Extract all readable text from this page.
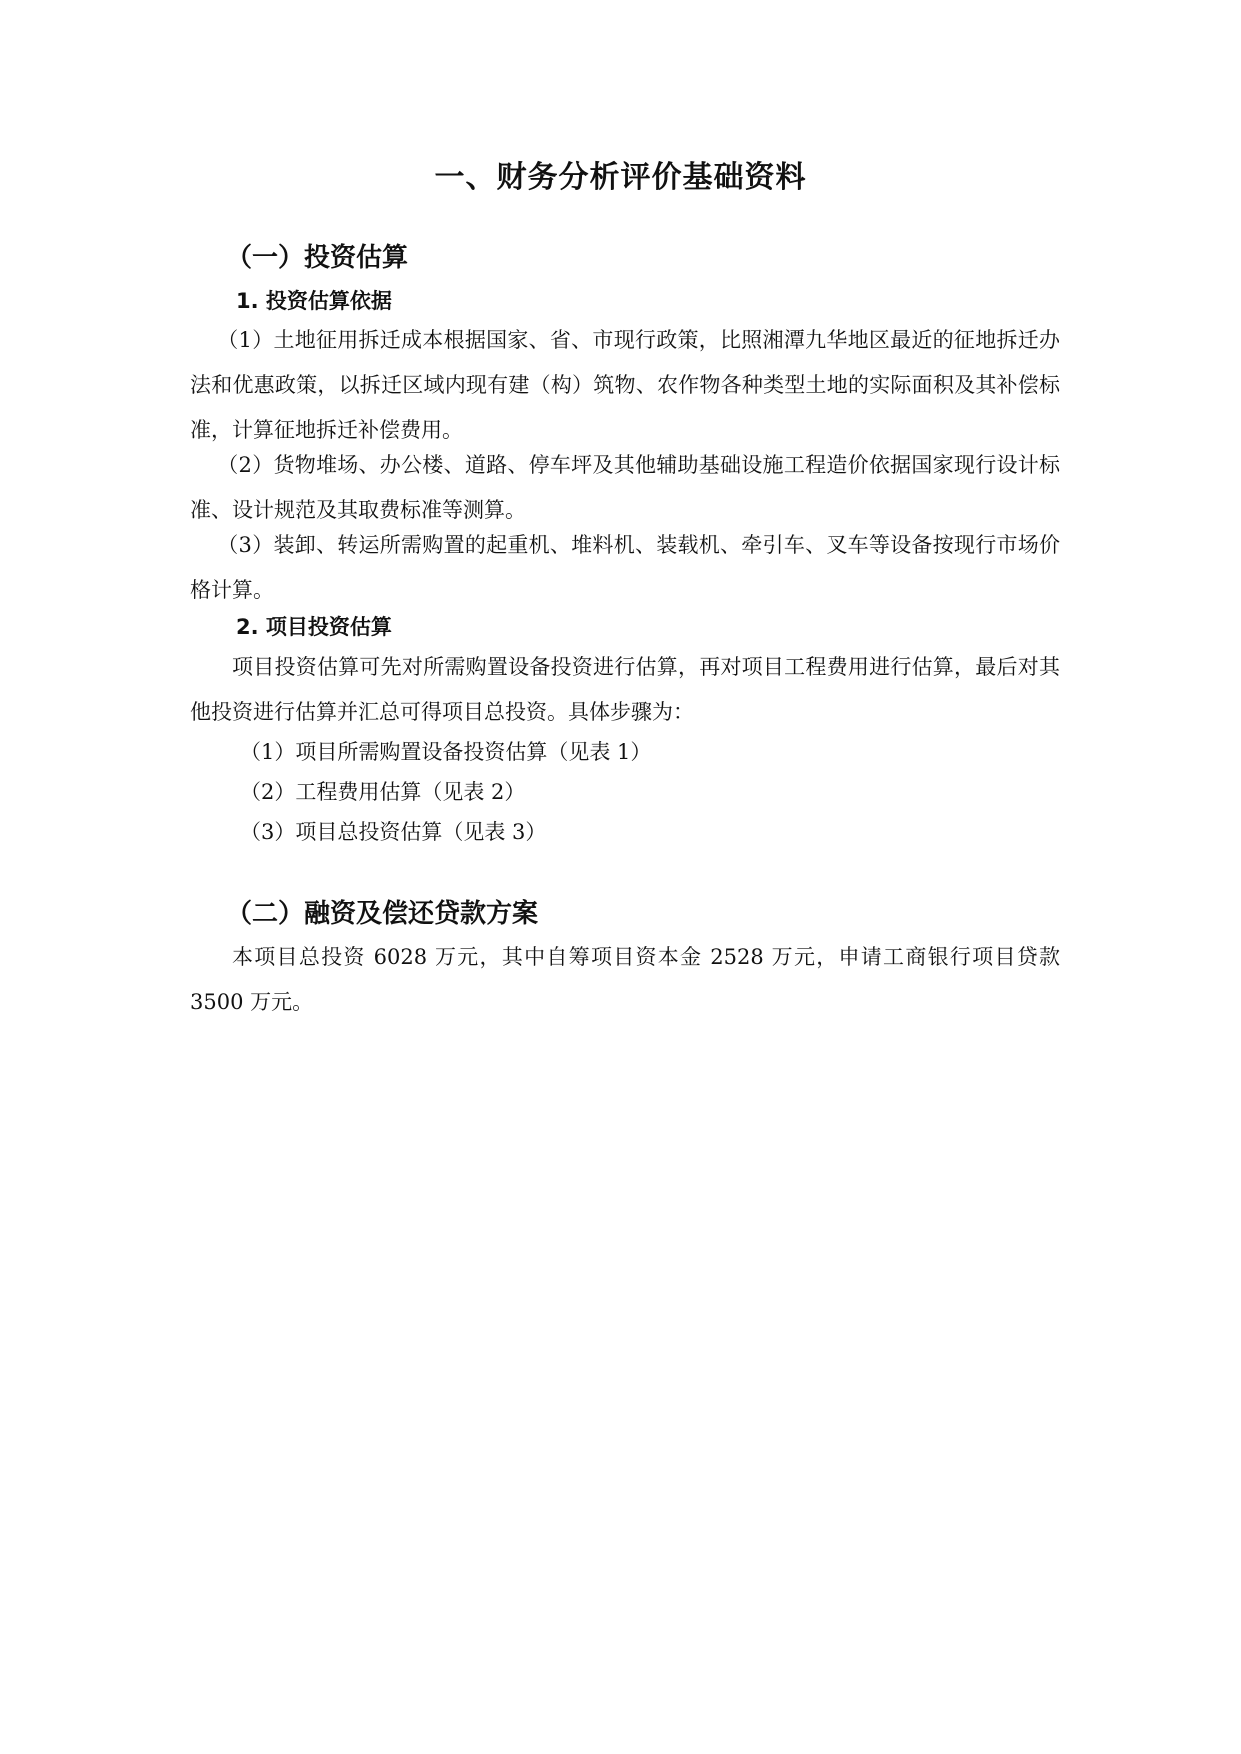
一、财务分析评价基础资料
（一）投资估算
1. 投资估算依据

（1）土地征用拆迁成本根据国家、省、市现行政策，比照湘潭九华地区最近的征地拆迁办法和优惠政策，以拆迁区域内现有建（构）筑物、农作物各种类型土地的实际面积及其补偿标准，计算征地拆迁补偿费用。

（2）货物堆场、办公楼、道路、停车坪及其他辅助基础设施工程造价依据国家现行设计标准、设计规范及其取费标准等测算。

（3）装卸、转运所需购置的起重机、堆料机、装载机、牵引车、叉车等设备按现行市场价格计算。

2. 项目投资估算

项目投资估算可先对所需购置设备投资进行估算，再对项目工程费用进行估算，最后对其他投资进行估算并汇总可得项目总投资。具体步骤为：

（1）项目所需购置设备投资估算（见表 1）
（2）工程费用估算（见表 2）
（3）项目总投资估算（见表 3）
（二）融资及偿还贷款方案

本项目总投资 6028 万元，其中自筹项目资本金 2528 万元，申请工商银行项目贷款 3500 万元。
